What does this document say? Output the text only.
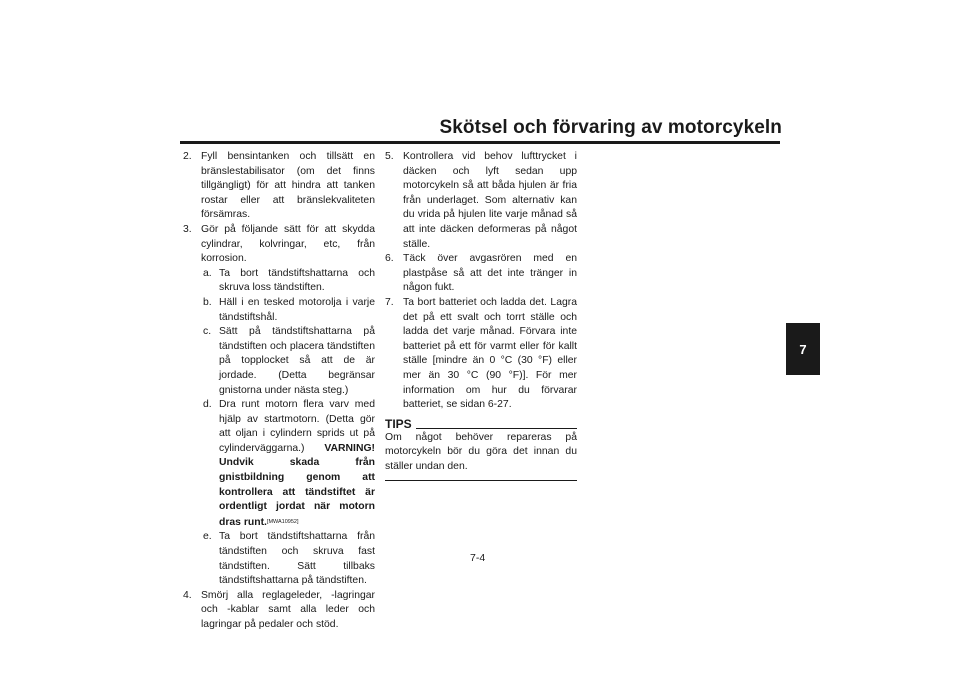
Skötsel och förvaring av motorcykeln
7
2. Fyll bensintanken och tillsätt en bränslestabilisator (om det finns tillgängligt) för att hindra att tanken rostar eller att bränslekvaliteten försämras.
3. Gör på följande sätt för att skydda cylindrar, kolvringar, etc, från korrosion.
a. Ta bort tändstiftshattarna och skruva loss tändstiften.
b. Häll i en tesked motorolja i varje tändstiftshål.
c. Sätt på tändstiftshattarna på tändstiften och placera tändstiften på topplocket så att de är jordade. (Detta begränsar gnistorna under nästa steg.)
d. Dra runt motorn flera varv med hjälp av startmotorn. (Detta gör att oljan i cylindern sprids ut på cylinderväggarna.) VARNING! Undvik skada från gnistbildning genom att kontrollera att tändstiftet är ordentligt jordat när motorn dras runt.[MWA10952]
e. Ta bort tändstiftshattarna från tändstiften och skruva fast tändstiften. Sätt tillbaks tändstiftshattarna på tändstiften.
4. Smörj alla reglageleder, -lagringar och -kablar samt alla leder och lagringar på pedaler och stöd.
5. Kontrollera vid behov lufttrycket i däcken och lyft sedan upp motorcykeln så att båda hjulen är fria från underlaget. Som alternativ kan du vrida på hjulen lite varje månad så att inte däcken deformeras på något ställe.
6. Täck över avgasrören med en plastpåse så att det inte tränger in någon fukt.
7. Ta bort batteriet och ladda det. Lagra det på ett svalt och torrt ställe och ladda det varje månad. Förvara inte batteriet på ett för varmt eller för kallt ställe [mindre än 0 °C (30 °F) eller mer än 30 °C (90 °F)]. För mer information om hur du förvarar batteriet, se sidan 6-27.
TIPS
Om något behöver repareras på motorcykeln bör du göra det innan du ställer undan den.
7-4
